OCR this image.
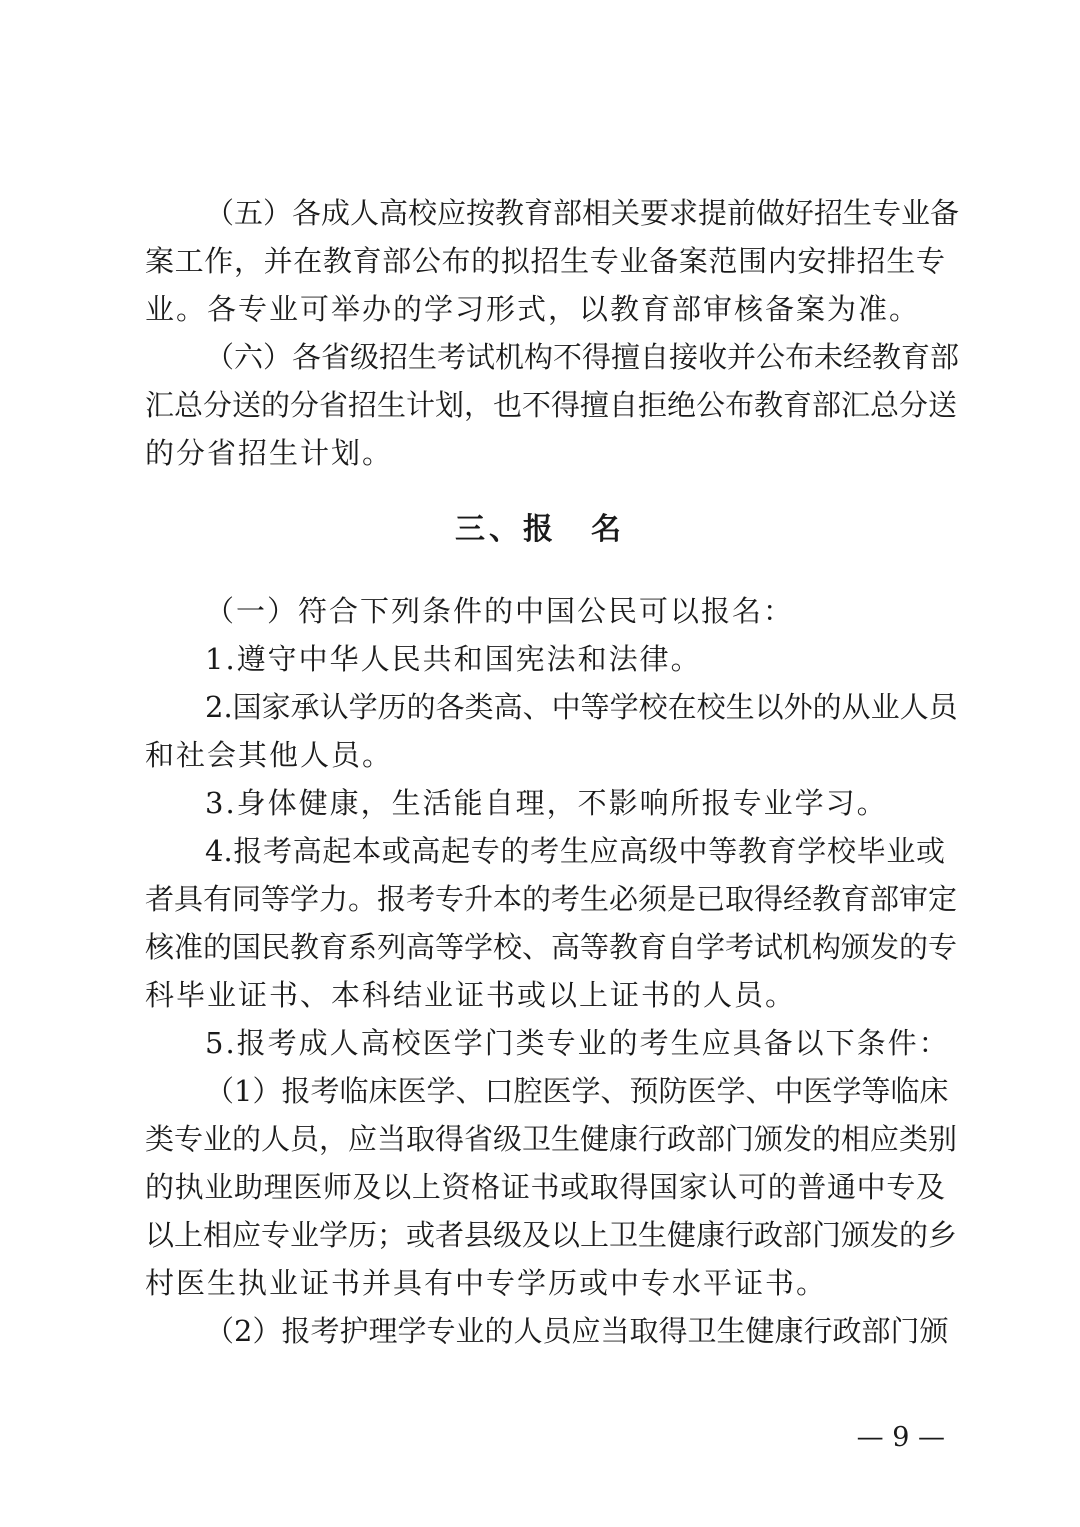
（五）各成人高校应按教育部相关要求提前做好招生专业备
案工作，并在教育部公布的拟招生专业备案范围内安排招生专
业。各专业可举办的学习形式，以教育部审核备案为准。
（六）各省级招生考试机构不得擅自接收并公布未经教育部
汇总分送的分省招生计划，也不得擅自拒绝公布教育部汇总分送
的分省招生计划。
三、报　名
（一）符合下列条件的中国公民可以报名：
1.遵守中华人民共和国宪法和法律。
2.国家承认学历的各类高、中等学校在校生以外的从业人员
和社会其他人员。
3.身体健康，生活能自理，不影响所报专业学习。
4.报考高起本或高起专的考生应高级中等教育学校毕业或
者具有同等学力。报考专升本的考生必须是已取得经教育部审定
核准的国民教育系列高等学校、高等教育自学考试机构颁发的专
科毕业证书、本科结业证书或以上证书的人员。
5.报考成人高校医学门类专业的考生应具备以下条件：
（1）报考临床医学、口腔医学、预防医学、中医学等临床
类专业的人员，应当取得省级卫生健康行政部门颁发的相应类别
的执业助理医师及以上资格证书或取得国家认可的普通中专及
以上相应专业学历；或者县级及以上卫生健康行政部门颁发的乡
村医生执业证书并具有中专学历或中专水平证书。
（2）报考护理学专业的人员应当取得卫生健康行政部门颁
— 9 —
